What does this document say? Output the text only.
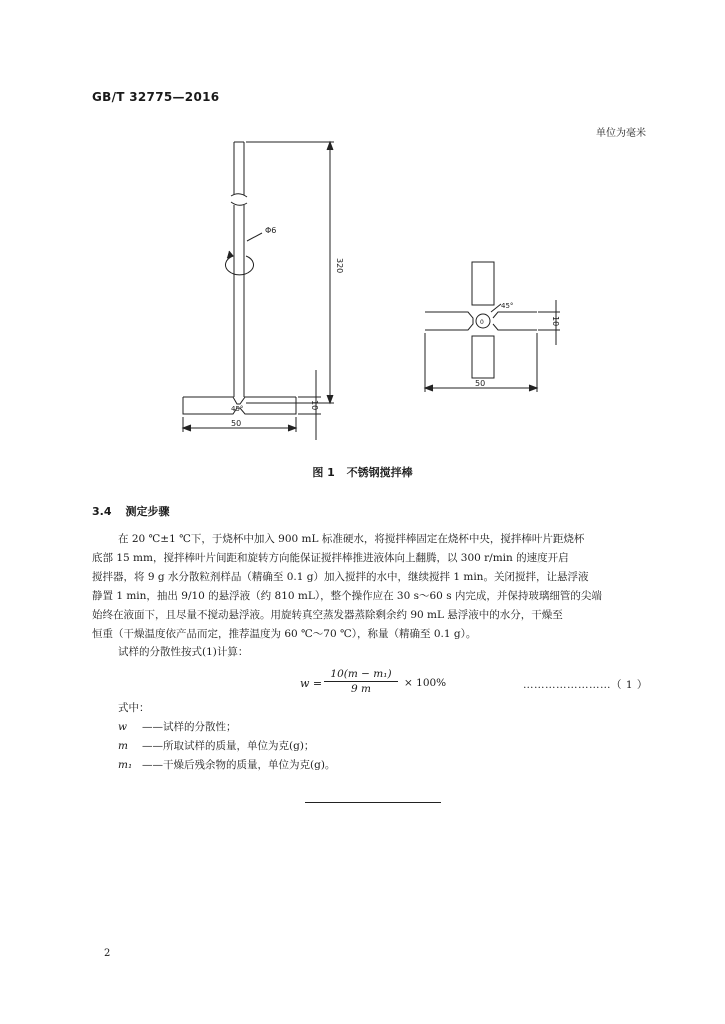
GB/T 32775—2016
单位为毫米
Φ6
320
45°	10
50
45°
0	10
50
图 1 不锈钢搅拌棒
3.4 测定步骤
在 20 ℃±1 ℃下，于烧杯中加入 900 mL 标准硬水，将搅拌棒固定在烧杯中央，搅拌棒叶片距烧杯
底部 15 mm，搅拌棒叶片间距和旋转方向能保证搅拌棒推进液体向上翻腾，以 300 r/min 的速度开启
搅拌器，将 9 g 水分散粒剂样品（精确至 0.1 g）加入搅拌的水中，继续搅拌 1 min。关闭搅拌，让悬浮液
静置 1 min，抽出 9/10 的悬浮液（约 810 mL），整个操作应在 30 s～60 s 内完成，并保持玻璃细管的尖端
始终在液面下，且尽量不搅动悬浮液。用旋转真空蒸发器蒸除剩余约 90 mL 悬浮液中的水分，干燥至
恒重（干燥温度依产品而定，推荐温度为 60 ℃～70 ℃），称量（精确至 0.1 g）。
试样的分散性按式(1)计算：
$w = \frac{\text{10(m − m₁)}}{9 m} \times 100\%$	……………………（ 1 ）
式中：
w ——试样的分散性；
m ——所取试样的质量，单位为克(g)；
m₁ ——干燥后残余物的质量，单位为克(g)。
2
